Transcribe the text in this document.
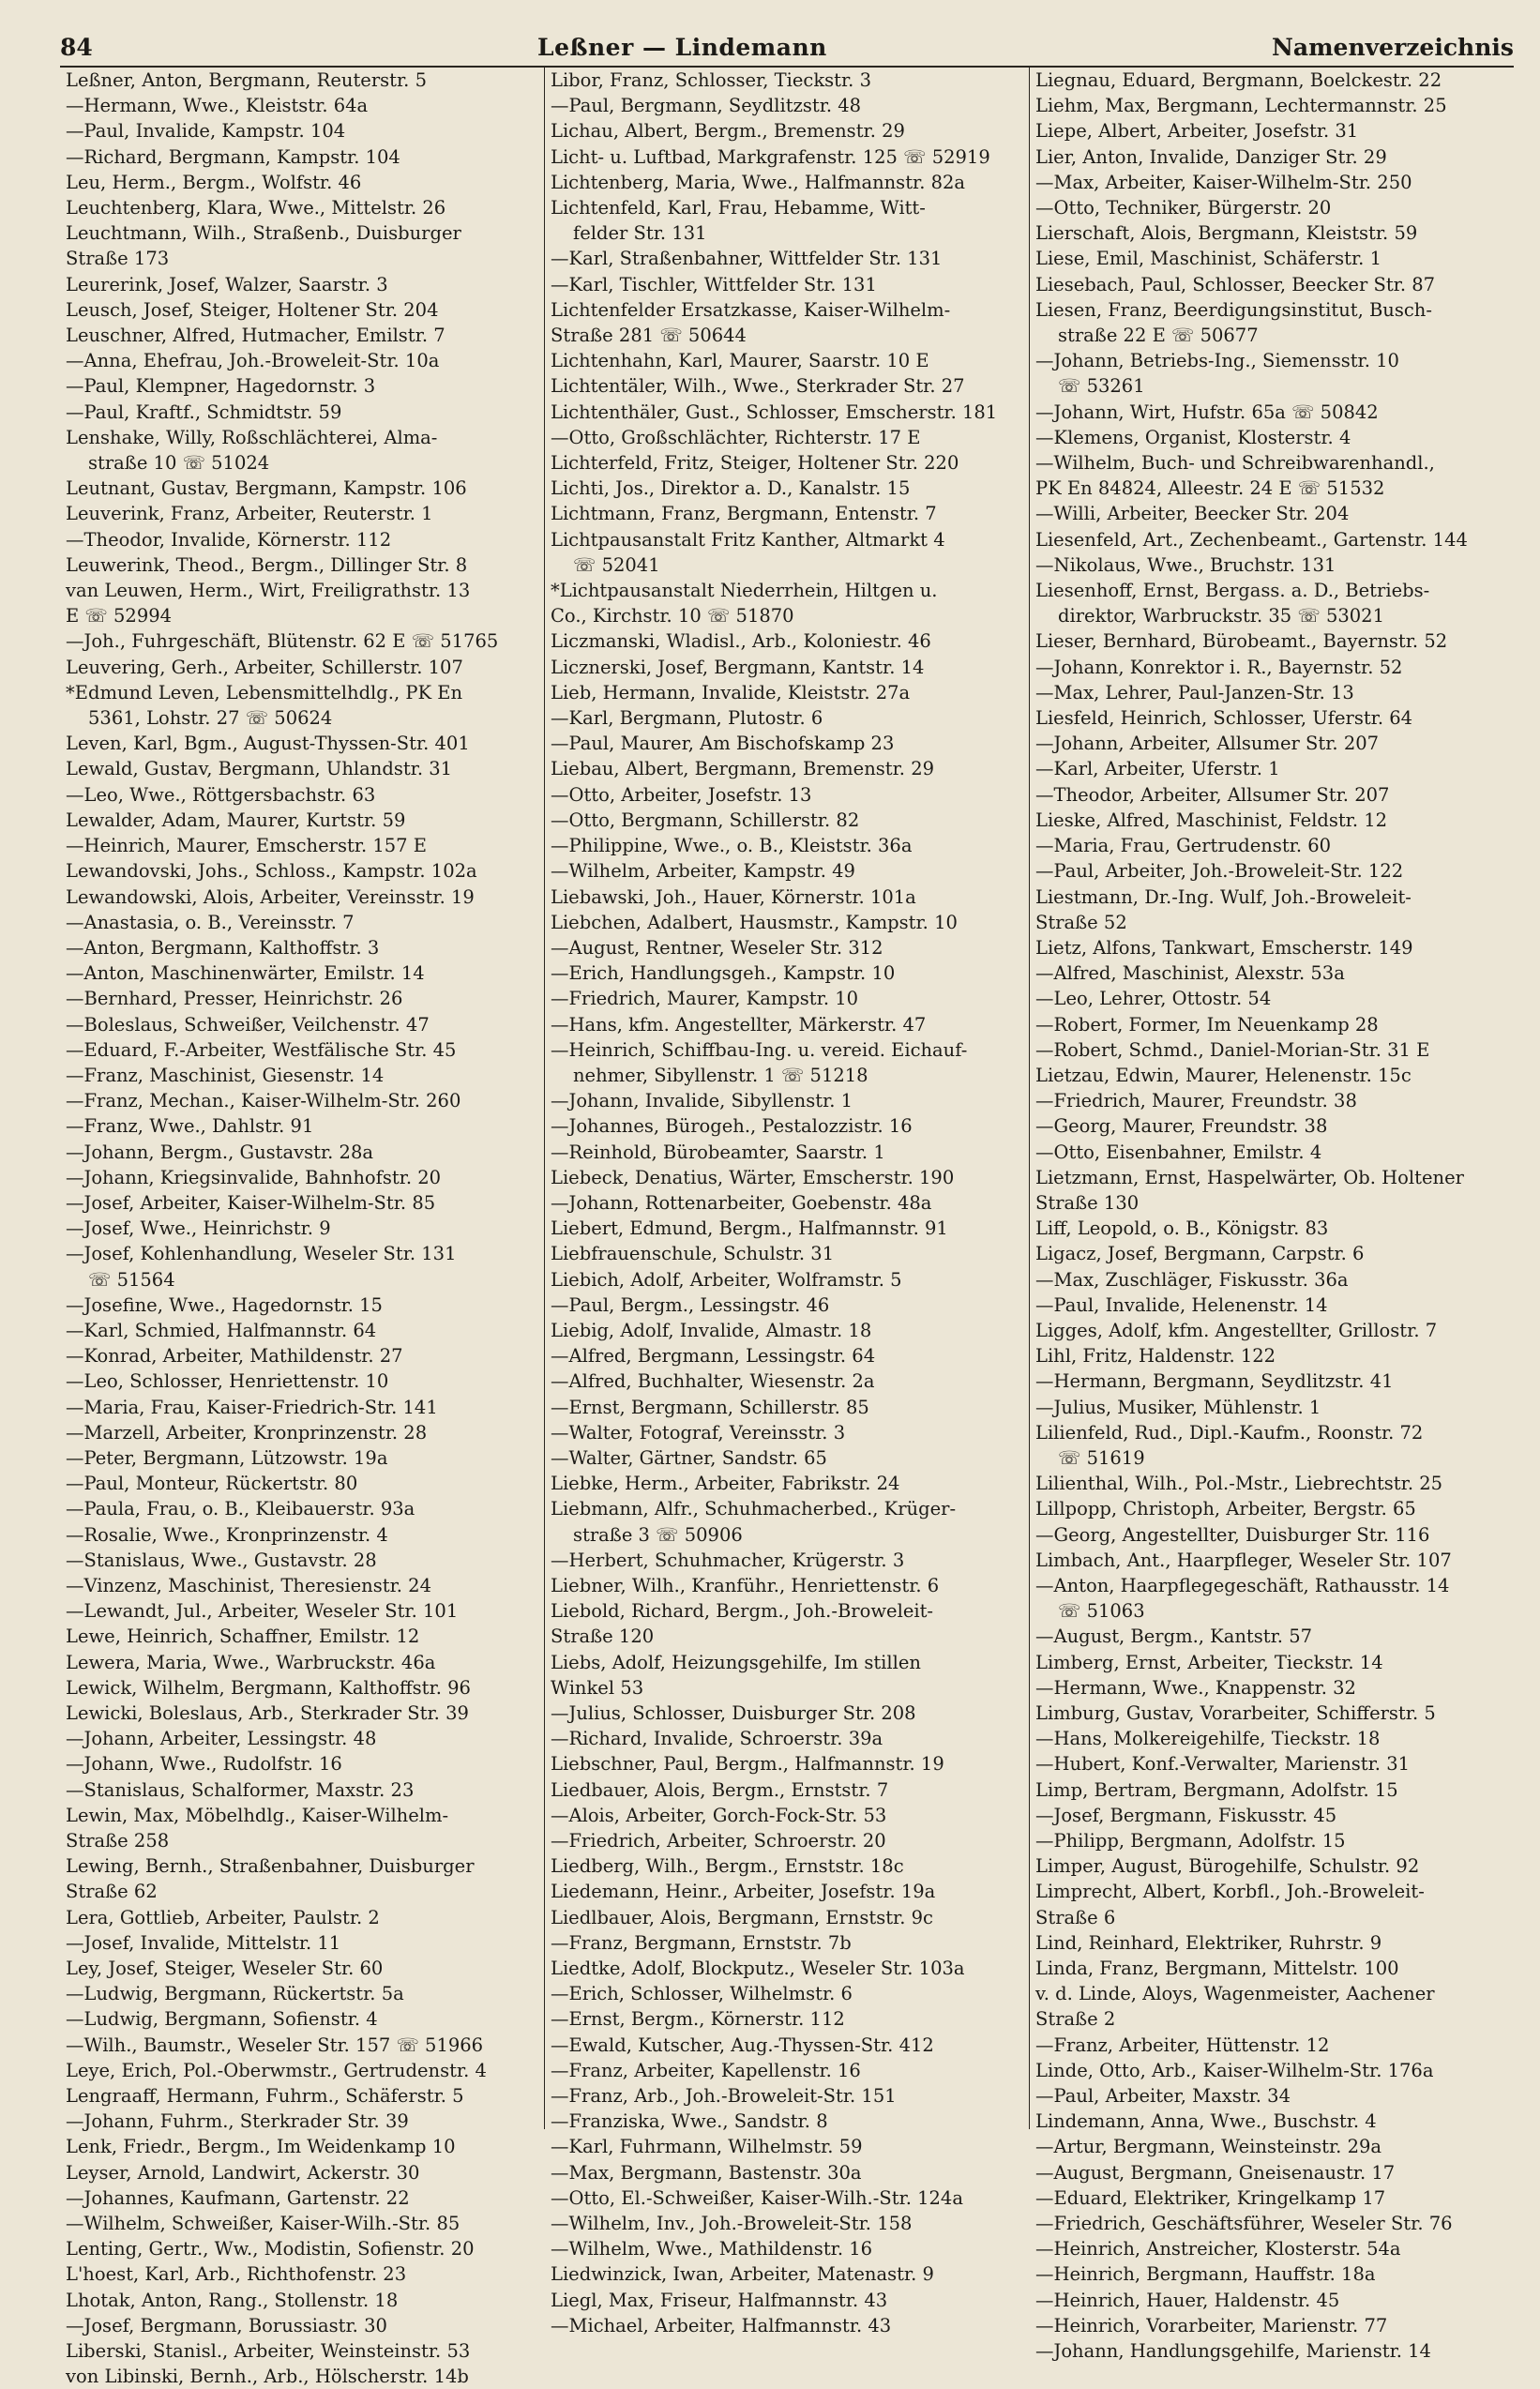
84	Leßner — Lindemann	Namenverzeichnis
Leßner, Anton, Bergmann, Reuterstr. 5
—Hermann, Wwe., Kleiststr. 64a
—Paul, Invalide, Kampstr. 104
—Richard, Bergmann, Kampstr. 104
Leu, Herm., Bergm., Wolfstr. 46
Leuchtenberg, Klara, Wwe., Mittelstr. 26
Leuchtmann, Wilh., Straßenb., Duisburger
Straße 173
Leurerink, Josef, Walzer, Saarstr. 3
Leusch, Josef, Steiger, Holtener Str. 204
Leuschner, Alfred, Hutmacher, Emilstr. 7
—Anna, Ehefrau, Joh.-Broweleit-Str. 10a
—Paul, Klempner, Hagedornstr. 3
—Paul, Kraftf., Schmidtstr. 59
Lenshake, Willy, Roßschlächterei, Alma-
straße 10 ☏ 51024
Leutnant, Gustav, Bergmann, Kampstr. 106
Leuverink, Franz, Arbeiter, Reuterstr. 1
—Theodor, Invalide, Körnerstr. 112
Leuwerink, Theod., Bergm., Dillinger Str. 8
van Leuwen, Herm., Wirt, Freiligrathstr. 13
E ☏ 52994
—Joh., Fuhrgeschäft, Blütenstr. 62 E ☏ 51765
Leuvering, Gerh., Arbeiter, Schillerstr. 107
*Edmund Leven, Lebensmittelhdlg., PK En
5361, Lohstr. 27 ☏ 50624
Leven, Karl, Bgm., August-Thyssen-Str. 401
Lewald, Gustav, Bergmann, Uhlandstr. 31
—Leo, Wwe., Röttgersbachstr. 63
Lewalder, Adam, Maurer, Kurtstr. 59
—Heinrich, Maurer, Emscherstr. 157 E
Lewandovski, Johs., Schloss., Kampstr. 102a
Lewandowski, Alois, Arbeiter, Vereinsstr. 19
—Anastasia, o. B., Vereinsstr. 7
—Anton, Bergmann, Kalthoffstr. 3
—Anton, Maschinenwärter, Emilstr. 14
—Bernhard, Presser, Heinrichstr. 26
—Boleslaus, Schweißer, Veilchenstr. 47
—Eduard, F.-Arbeiter, Westfälische Str. 45
—Franz, Maschinist, Giesenstr. 14
—Franz, Mechan., Kaiser-Wilhelm-Str. 260
—Franz, Wwe., Dahlstr. 91
—Johann, Bergm., Gustavstr. 28a
—Johann, Kriegsinvalide, Bahnhofstr. 20
—Josef, Arbeiter, Kaiser-Wilhelm-Str. 85
—Josef, Wwe., Heinrichstr. 9
—Josef, Kohlenhandlung, Weseler Str. 131
☏ 51564
—Josefine, Wwe., Hagedornstr. 15
—Karl, Schmied, Halfmannstr. 64
—Konrad, Arbeiter, Mathildenstr. 27
—Leo, Schlosser, Henriettenstr. 10
—Maria, Frau, Kaiser-Friedrich-Str. 141
—Marzell, Arbeiter, Kronprinzenstr. 28
—Peter, Bergmann, Lützowstr. 19a
—Paul, Monteur, Rückertstr. 80
—Paula, Frau, o. B., Kleibauerstr. 93a
—Rosalie, Wwe., Kronprinzenstr. 4
—Stanislaus, Wwe., Gustavstr. 28
—Vinzenz, Maschinist, Theresienstr. 24
—Lewandt, Jul., Arbeiter, Weseler Str. 101
Lewe, Heinrich, Schaffner, Emilstr. 12
Lewera, Maria, Wwe., Warbruckstr. 46a
Lewick, Wilhelm, Bergmann, Kalthoffstr. 96
Lewicki, Boleslaus, Arb., Sterkrader Str. 39
—Johann, Arbeiter, Lessingstr. 48
—Johann, Wwe., Rudolfstr. 16
—Stanislaus, Schalformer, Maxstr. 23
Lewin, Max, Möbelhdlg., Kaiser-Wilhelm-
Straße 258
Lewing, Bernh., Straßenbahner, Duisburger
Straße 62
Lera, Gottlieb, Arbeiter, Paulstr. 2
—Josef, Invalide, Mittelstr. 11
Ley, Josef, Steiger, Weseler Str. 60
—Ludwig, Bergmann, Rückertstr. 5a
—Ludwig, Bergmann, Sofienstr. 4
—Wilh., Baumstr., Weseler Str. 157 ☏ 51966
Leye, Erich, Pol.-Oberwmstr., Gertrudenstr. 4
Lengraaff, Hermann, Fuhrm., Schäferstr. 5
—Johann, Fuhrm., Sterkrader Str. 39
Lenk, Friedr., Bergm., Im Weidenkamp 10
Leyser, Arnold, Landwirt, Ackerstr. 30
—Johannes, Kaufmann, Gartenstr. 22
—Wilhelm, Schweißer, Kaiser-Wilh.-Str. 85
Lenting, Gertr., Ww., Modistin, Sofienstr. 20
L'hoest, Karl, Arb., Richthofenstr. 23
Lhotak, Anton, Rang., Stollenstr. 18
—Josef, Bergmann, Borussiastr. 30
Liberski, Stanisl., Arbeiter, Weinsteinstr. 53
von Libinski, Bernh., Arb., Hölscherstr. 14b
Libor, Franz, Schlosser, Tieckstr. 3
—Paul, Bergmann, Seydlitzstr. 48
Lichau, Albert, Bergm., Bremenstr. 29
Licht- u. Luftbad, Markgrafenstr. 125 ☏ 52919
Lichtenberg, Maria, Wwe., Halfmannstr. 82a
Lichtenfeld, Karl, Frau, Hebamme, Witt-
felder Str. 131
—Karl, Straßenbahner, Wittfelder Str. 131
—Karl, Tischler, Wittfelder Str. 131
Lichtenfelder Ersatzkasse, Kaiser-Wilhelm-
Straße 281 ☏ 50644
Lichtenhahn, Karl, Maurer, Saarstr. 10 E
Lichtentäler, Wilh., Wwe., Sterkrader Str. 27
Lichtenthäler, Gust., Schlosser, Emscherstr. 181
—Otto, Großschlächter, Richterstr. 17 E
Lichterfeld, Fritz, Steiger, Holtener Str. 220
Lichti, Jos., Direktor a. D., Kanalstr. 15
Lichtmann, Franz, Bergmann, Entenstr. 7
Lichtpausanstalt Fritz Kanther, Altmarkt 4
☏ 52041
*Lichtpausanstalt Niederrhein, Hiltgen u.
Co., Kirchstr. 10 ☏ 51870
Liczmanski, Wladisl., Arb., Koloniestr. 46
Licznerski, Josef, Bergmann, Kantstr. 14
Lieb, Hermann, Invalide, Kleiststr. 27a
—Karl, Bergmann, Plutostr. 6
—Paul, Maurer, Am Bischofskamp 23
Liebau, Albert, Bergmann, Bremenstr. 29
—Otto, Arbeiter, Josefstr. 13
—Otto, Bergmann, Schillerstr. 82
—Philippine, Wwe., o. B., Kleiststr. 36a
—Wilhelm, Arbeiter, Kampstr. 49
Liebawski, Joh., Hauer, Körnerstr. 101a
Liebchen, Adalbert, Hausmstr., Kampstr. 10
—August, Rentner, Weseler Str. 312
—Erich, Handlungsgeh., Kampstr. 10
—Friedrich, Maurer, Kampstr. 10
—Hans, kfm. Angestellter, Märkerstr. 47
—Heinrich, Schiffbau-Ing. u. vereid. Eichauf-
nehmer, Sibyllenstr. 1 ☏ 51218
—Johann, Invalide, Sibyllenstr. 1
—Johannes, Bürogeh., Pestalozzistr. 16
—Reinhold, Bürobeamter, Saarstr. 1
Liebeck, Denatius, Wärter, Emscherstr. 190
—Johann, Rottenarbeiter, Goebenstr. 48a
Liebert, Edmund, Bergm., Halfmannstr. 91
Liebfrauenschule, Schulstr. 31
Liebich, Adolf, Arbeiter, Wolframstr. 5
—Paul, Bergm., Lessingstr. 46
Liebig, Adolf, Invalide, Almastr. 18
—Alfred, Bergmann, Lessingstr. 64
—Alfred, Buchhalter, Wiesenstr. 2a
—Ernst, Bergmann, Schillerstr. 85
—Walter, Fotograf, Vereinsstr. 3
—Walter, Gärtner, Sandstr. 65
Liebke, Herm., Arbeiter, Fabrikstr. 24
Liebmann, Alfr., Schuhmacherbed., Krüger-
straße 3 ☏ 50906
—Herbert, Schuhmacher, Krügerstr. 3
Liebner, Wilh., Kranführ., Henriettenstr. 6
Liebold, Richard, Bergm., Joh.-Broweleit-
Straße 120
Liebs, Adolf, Heizungsgehilfe, Im stillen
Winkel 53
—Julius, Schlosser, Duisburger Str. 208
—Richard, Invalide, Schroerstr. 39a
Liebschner, Paul, Bergm., Halfmannstr. 19
Liedbauer, Alois, Bergm., Ernststr. 7
—Alois, Arbeiter, Gorch-Fock-Str. 53
—Friedrich, Arbeiter, Schroerstr. 20
Liedberg, Wilh., Bergm., Ernststr. 18c
Liedemann, Heinr., Arbeiter, Josefstr. 19a
Liedlbauer, Alois, Bergmann, Ernststr. 9c
—Franz, Bergmann, Ernststr. 7b
Liedtke, Adolf, Blockputz., Weseler Str. 103a
—Erich, Schlosser, Wilhelmstr. 6
—Ernst, Bergm., Körnerstr. 112
—Ewald, Kutscher, Aug.-Thyssen-Str. 412
—Franz, Arbeiter, Kapellenstr. 16
—Franz, Arb., Joh.-Broweleit-Str. 151
—Franziska, Wwe., Sandstr. 8
—Karl, Fuhrmann, Wilhelmstr. 59
—Max, Bergmann, Bastenstr. 30a
—Otto, El.-Schweißer, Kaiser-Wilh.-Str. 124a
—Wilhelm, Inv., Joh.-Broweleit-Str. 158
—Wilhelm, Wwe., Mathildenstr. 16
Liedwinzick, Iwan, Arbeiter, Matenastr. 9
Liegl, Max, Friseur, Halfmannstr. 43
—Michael, Arbeiter, Halfmannstr. 43
Liegnau, Eduard, Bergmann, Boelckestr. 22
Liehm, Max, Bergmann, Lechtermannstr. 25
Liepe, Albert, Arbeiter, Josefstr. 31
Lier, Anton, Invalide, Danziger Str. 29
—Max, Arbeiter, Kaiser-Wilhelm-Str. 250
—Otto, Techniker, Bürgerstr. 20
Lierschaft, Alois, Bergmann, Kleiststr. 59
Liese, Emil, Maschinist, Schäferstr. 1
Liesebach, Paul, Schlosser, Beecker Str. 87
Liesen, Franz, Beerdigungsinstitut, Busch-
straße 22 E ☏ 50677
—Johann, Betriebs-Ing., Siemensstr. 10
☏ 53261
—Johann, Wirt, Hufstr. 65a ☏ 50842
—Klemens, Organist, Klosterstr. 4
—Wilhelm, Buch- und Schreibwarenhandl.,
PK En 84824, Alleestr. 24 E ☏ 51532
—Willi, Arbeiter, Beecker Str. 204
Liesenfeld, Art., Zechenbeamt., Gartenstr. 144
—Nikolaus, Wwe., Bruchstr. 131
Liesenhoff, Ernst, Bergass. a. D., Betriebs-
direktor, Warbruckstr. 35 ☏ 53021
Lieser, Bernhard, Bürobeamt., Bayernstr. 52
—Johann, Konrektor i. R., Bayernstr. 52
—Max, Lehrer, Paul-Janzen-Str. 13
Liesfeld, Heinrich, Schlosser, Uferstr. 64
—Johann, Arbeiter, Allsumer Str. 207
—Karl, Arbeiter, Uferstr. 1
—Theodor, Arbeiter, Allsumer Str. 207
Lieske, Alfred, Maschinist, Feldstr. 12
—Maria, Frau, Gertrudenstr. 60
—Paul, Arbeiter, Joh.-Broweleit-Str. 122
Liestmann, Dr.-Ing. Wulf, Joh.-Broweleit-
Straße 52
Lietz, Alfons, Tankwart, Emscherstr. 149
—Alfred, Maschinist, Alexstr. 53a
—Leo, Lehrer, Ottostr. 54
—Robert, Former, Im Neuenkamp 28
—Robert, Schmd., Daniel-Morian-Str. 31 E
Lietzau, Edwin, Maurer, Helenenstr. 15c
—Friedrich, Maurer, Freundstr. 38
—Georg, Maurer, Freundstr. 38
—Otto, Eisenbahner, Emilstr. 4
Lietzmann, Ernst, Haspelwärter, Ob. Holtener
Straße 130
Liff, Leopold, o. B., Königstr. 83
Ligacz, Josef, Bergmann, Carpstr. 6
—Max, Zuschläger, Fiskusstr. 36a
—Paul, Invalide, Helenenstr. 14
Ligges, Adolf, kfm. Angestellter, Grillostr. 7
Lihl, Fritz, Haldenstr. 122
—Hermann, Bergmann, Seydlitzstr. 41
—Julius, Musiker, Mühlenstr. 1
Lilienfeld, Rud., Dipl.-Kaufm., Roonstr. 72
☏ 51619
Lilienthal, Wilh., Pol.-Mstr., Liebrechtstr. 25
Lillpopp, Christoph, Arbeiter, Bergstr. 65
—Georg, Angestellter, Duisburger Str. 116
Limbach, Ant., Haarpfleger, Weseler Str. 107
—Anton, Haarpflegegeschäft, Rathausstr. 14
☏ 51063
—August, Bergm., Kantstr. 57
Limberg, Ernst, Arbeiter, Tieckstr. 14
—Hermann, Wwe., Knappenstr. 32
Limburg, Gustav, Vorarbeiter, Schifferstr. 5
—Hans, Molkereigehilfe, Tieckstr. 18
—Hubert, Konf.-Verwalter, Marienstr. 31
Limp, Bertram, Bergmann, Adolfstr. 15
—Josef, Bergmann, Fiskusstr. 45
—Philipp, Bergmann, Adolfstr. 15
Limper, August, Bürogehilfe, Schulstr. 92
Limprecht, Albert, Korbfl., Joh.-Broweleit-
Straße 6
Lind, Reinhard, Elektriker, Ruhrstr. 9
Linda, Franz, Bergmann, Mittelstr. 100
v. d. Linde, Aloys, Wagenmeister, Aachener
Straße 2
—Franz, Arbeiter, Hüttenstr. 12
Linde, Otto, Arb., Kaiser-Wilhelm-Str. 176a
—Paul, Arbeiter, Maxstr. 34
Lindemann, Anna, Wwe., Buschstr. 4
—Artur, Bergmann, Weinsteinstr. 29a
—August, Bergmann, Gneisenaustr. 17
—Eduard, Elektriker, Kringelkamp 17
—Friedrich, Geschäftsführer, Weseler Str. 76
—Heinrich, Anstreicher, Klosterstr. 54a
—Heinrich, Bergmann, Hauffstr. 18a
—Heinrich, Hauer, Haldenstr. 45
—Heinrich, Vorarbeiter, Marienstr. 77
—Johann, Handlungsgehilfe, Marienstr. 14
